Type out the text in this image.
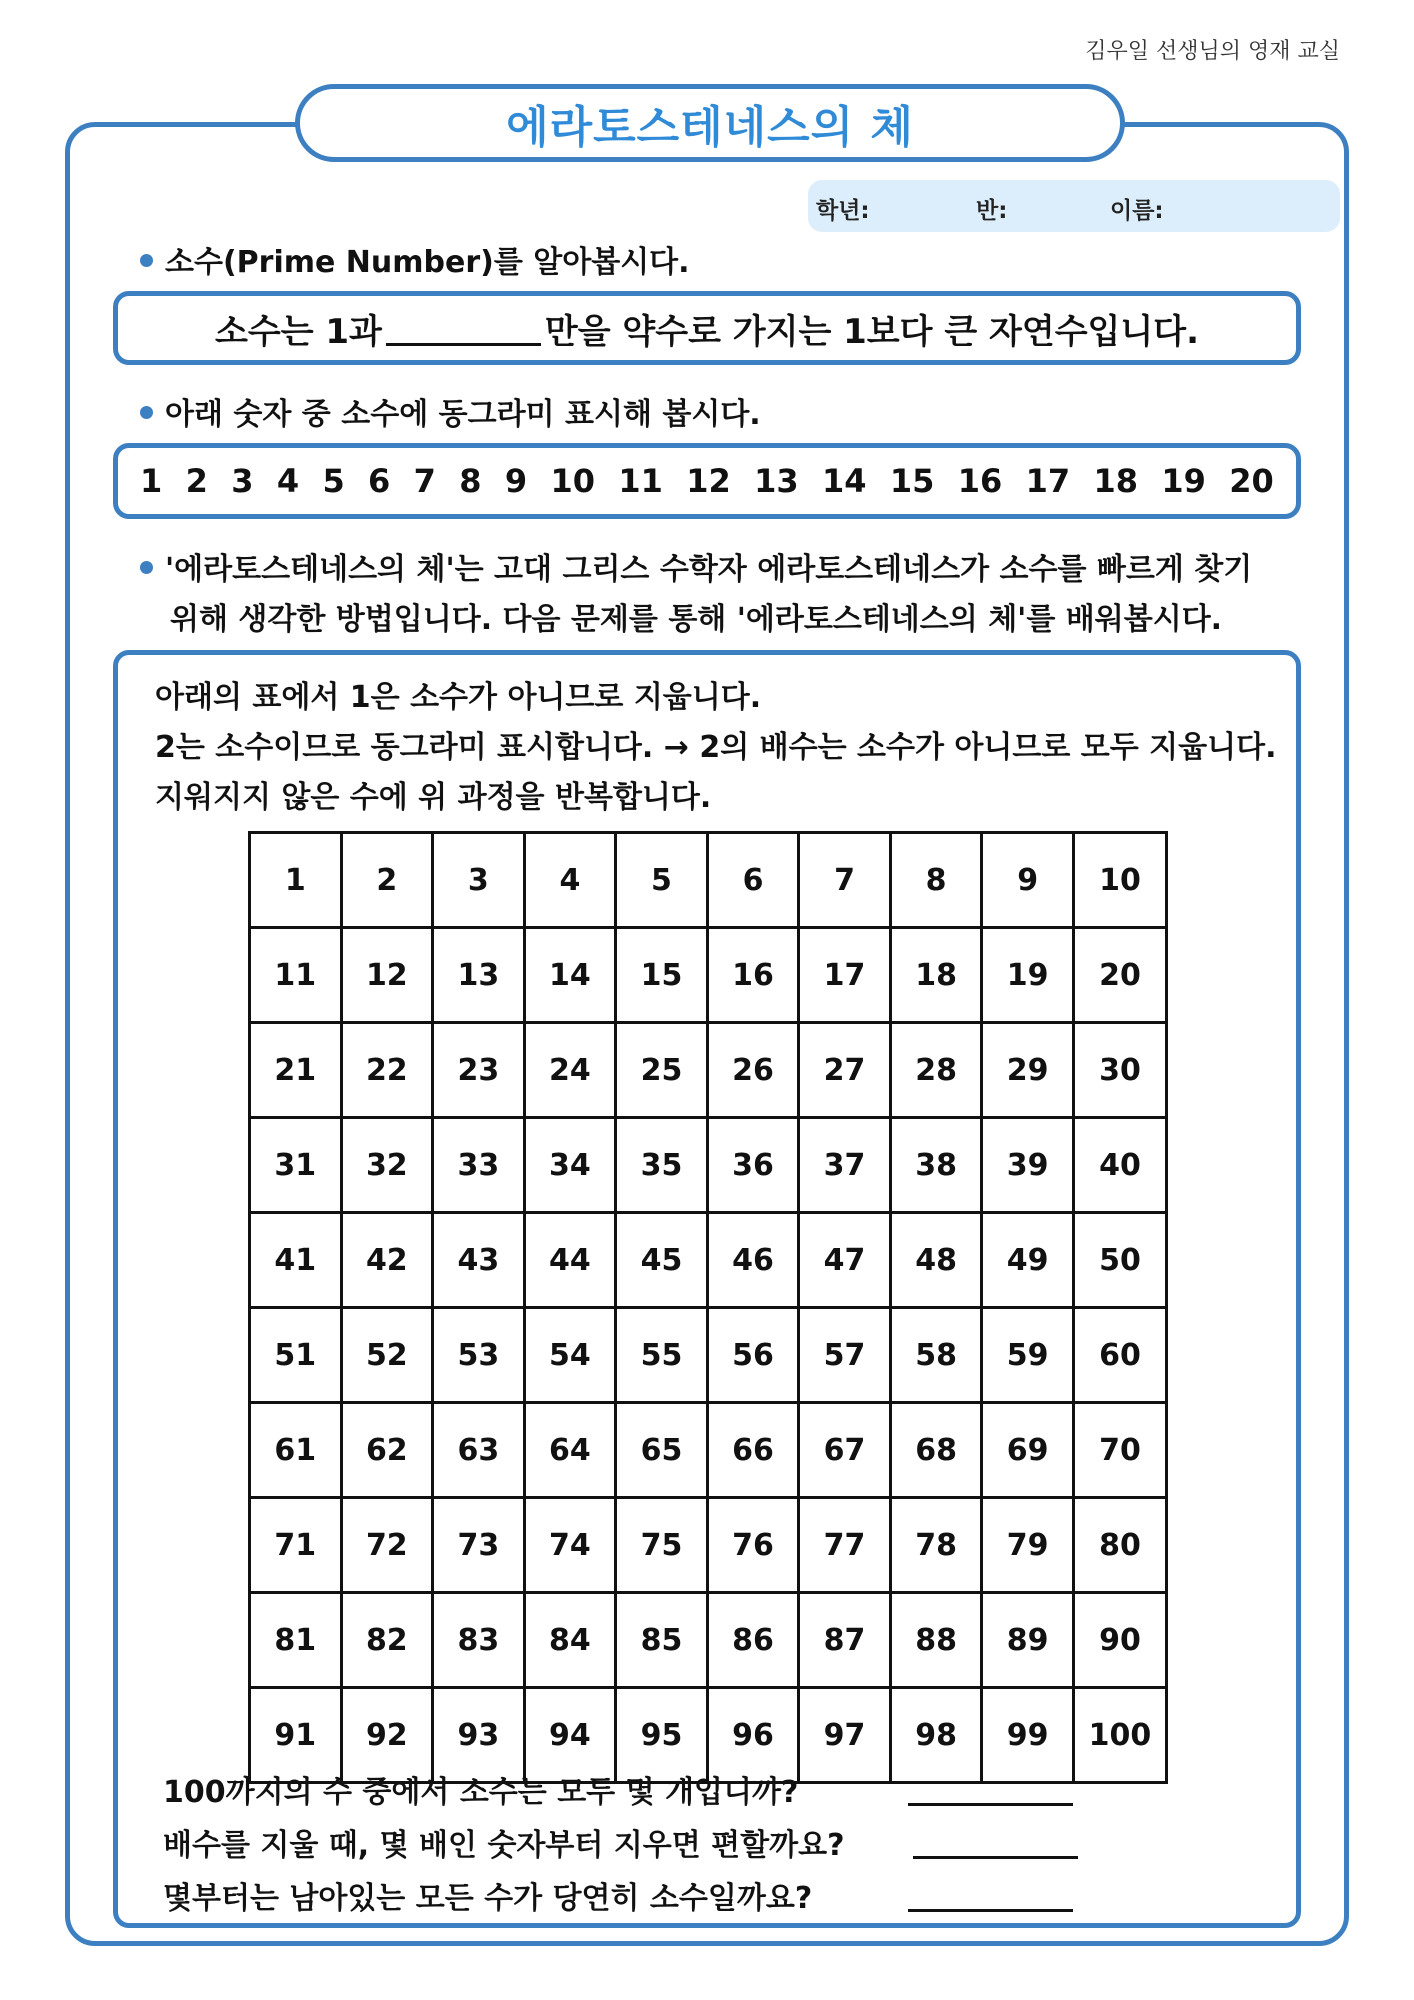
김우일 선생님의 영재 교실
에라토스테네스의 체
학년:	반:	이름:
소수(Prime Number)를 알아봅시다.
소수는 1과	만을 약수로 가지는 1보다 큰 자연수입니다.
아래 숫자 중 소수에 동그라미 표시해 봅시다.
1 2 3 4 5 6 7 8 9 10 11 12 13 14 15 16 17 18 19 20
'에라토스테네스의 체'는 고대 그리스 수학자 에라토스테네스가 소수를 빠르게 찾기
위해 생각한 방법입니다. 다음 문제를 통해 '에라토스테네스의 체'를 배워봅시다.
아래의 표에서 1은 소수가 아니므로 지웁니다.
2는 소수이므로 동그라미 표시합니다. → 2의 배수는 소수가 아니므로 모두 지웁니다.
지워지지 않은 수에 위 과정을 반복합니다.
1	2	3	4	5	6	7	8	9	10
11	12	13	14	15	16	17	18	19	20
21	22	23	24	25	26	27	28	29	30
31	32	33	34	35	36	37	38	39	40
41	42	43	44	45	46	47	48	49	50
51	52	53	54	55	56	57	58	59	60
61	62	63	64	65	66	67	68	69	70
71	72	73	74	75	76	77	78	79	80
81	82	83	84	85	86	87	88	89	90
91	92	93	94	95	96	97	98	99	100
100까지의 수 중에서 소수는 모두 몇 개입니까?
배수를 지울 때, 몇 배인 숫자부터 지우면 편할까요?
몇부터는 남아있는 모든 수가 당연히 소수일까요?
